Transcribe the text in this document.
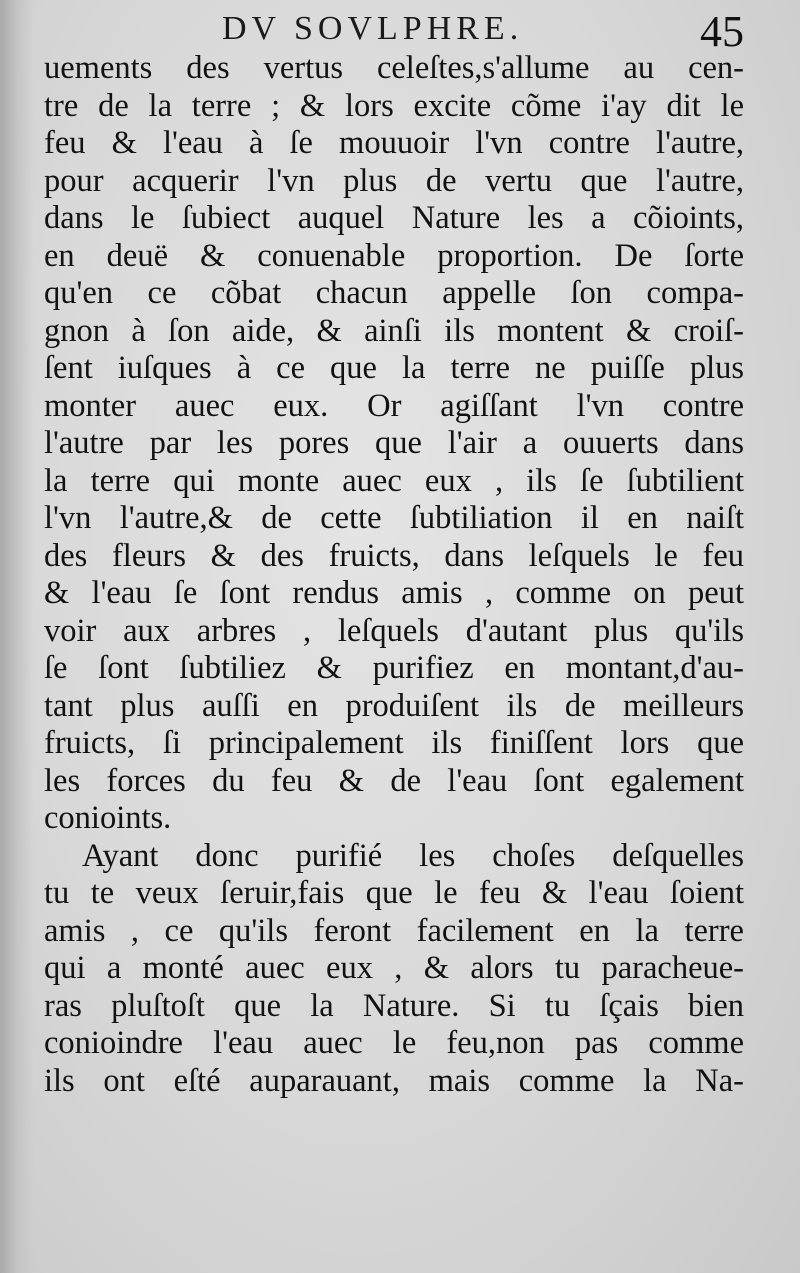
DV SOVLPHRE.	45
uements des vertus celeſtes,s'allume au cen-
tre de la terre ; & lors excite cõme i'ay dit le
feu & l'eau à ſe mouuoir l'vn contre l'autre,
pour acquerir l'vn plus de vertu que l'autre,
dans le ſubiect auquel Nature les a cõioints,
en deuë & conuenable proportion. De ſorte
qu'en ce cõbat chacun appelle ſon compa-
gnon à ſon aide, & ainſi ils montent & croiſ-
ſent iuſques à ce que la terre ne puiſſe plus
monter auec eux. Or agiſſant l'vn contre
l'autre par les pores que l'air a ouuerts dans
la terre qui monte auec eux , ils ſe ſubtilient
l'vn l'autre,& de cette ſubtiliation il en naiſt
des fleurs & des fruicts, dans leſquels le feu
& l'eau ſe ſont rendus amis , comme on peut
voir aux arbres , leſquels d'autant plus qu'ils
ſe ſont ſubtiliez & purifiez en montant,d'au-
tant plus auſſi en produiſent ils de meilleurs
fruicts, ſi principalement ils finiſſent lors que
les forces du feu & de l'eau ſont egalement
conioints.
Ayant donc purifié les choſes deſquelles
tu te veux ſeruir,fais que le feu & l'eau ſoient
amis , ce qu'ils feront facilement en la terre
qui a monté auec eux , & alors tu paracheue-
ras pluſtoſt que la Nature. Si tu ſçais bien
conioindre l'eau auec le feu,non pas comme
ils ont eſté auparauant, mais comme la Na-
